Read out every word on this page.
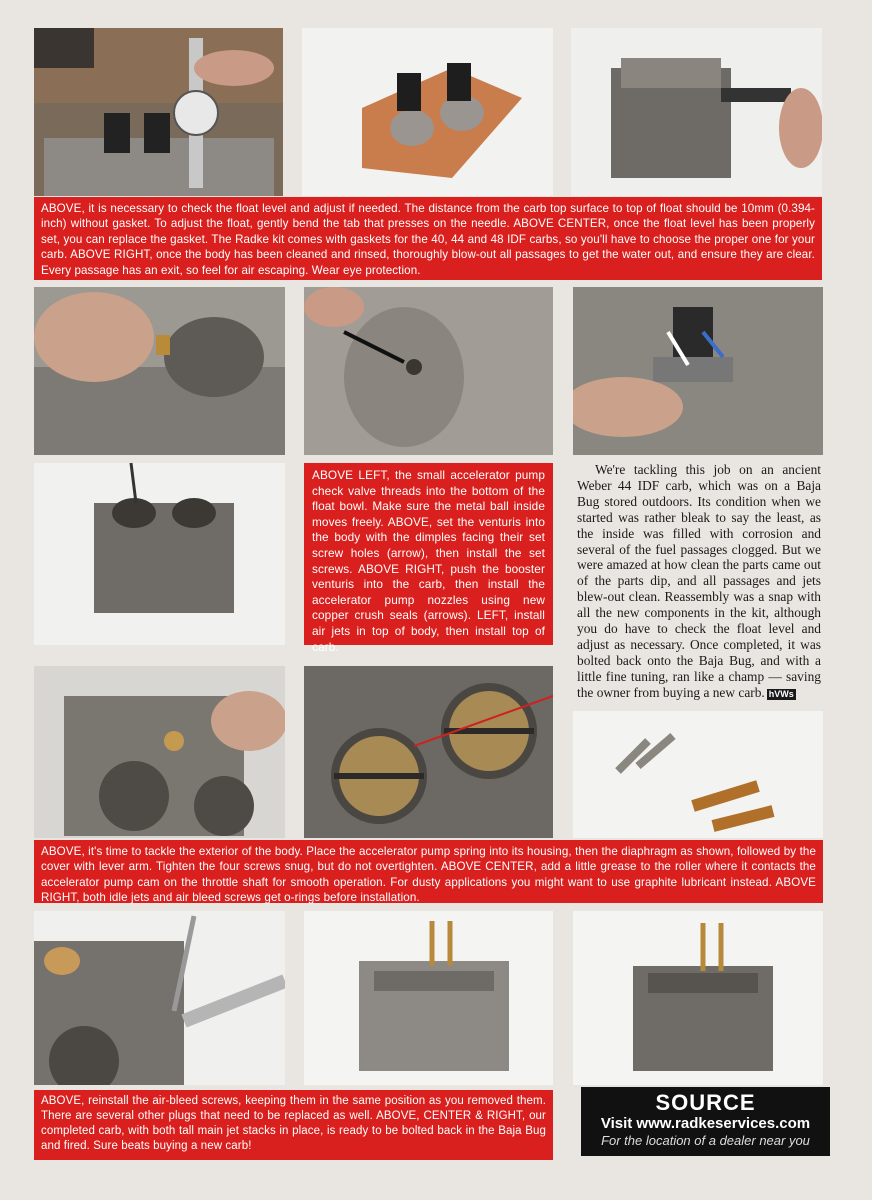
ABOVE, it is necessary to check the float level and adjust if needed. The distance from the carb top surface to top of float should be 10mm (0.394-inch) without gasket. To adjust the float, gently bend the tab that presses on the needle. ABOVE CENTER, once the float level has been properly set, you can replace the gasket. The Radke kit comes with gaskets for the 40, 44 and 48 IDF carbs, so you'll have to choose the proper one for your carb. ABOVE RIGHT, once the body has been cleaned and rinsed, thoroughly blow-out all passages to get the water out, and ensure they are clear. Every passage has an exit, so feel for air escaping. Wear eye protection.
ABOVE LEFT, the small accelerator pump check valve threads into the bottom of the float bowl. Make sure the metal ball inside moves freely. ABOVE, set the venturis into the body with the dimples facing their set screw holes (arrow), then install the set screws. ABOVE RIGHT, push the booster venturis into the carb, then install the accelerator pump nozzles using new copper crush seals (arrows). LEFT, install air jets in top of body, then install top of carb.
We're tackling this job on an ancient Weber 44 IDF carb, which was on a Baja Bug stored outdoors. Its condition when we started was rather bleak to say the least, as the inside was filled with corrosion and several of the fuel passages clogged. But we were amazed at how clean the parts came out of the parts dip, and all passages and jets blew-out clean. Reassembly was a snap with all the new components in the kit, although you do have to check the float level and adjust as necessary. Once completed, it was bolted back onto the Baja Bug, and with a little fine tuning, ran like a champ — saving the owner from buying a new carb. hVWs
ABOVE, it's time to tackle the exterior of the body. Place the accelerator pump spring into its housing, then the diaphragm as shown, followed by the cover with lever arm. Tighten the four screws snug, but do not overtighten. ABOVE CENTER, add a little grease to the roller where it contacts the accelerator pump cam on the throttle shaft for smooth operation. For dusty applications you might want to use graphite lubricant instead. ABOVE RIGHT, both idle jets and air bleed screws get o-rings before installation.
ABOVE, reinstall the air-bleed screws, keeping them in the same position as you removed them. There are several other plugs that need to be replaced as well. ABOVE, CENTER & RIGHT, our completed carb, with both tall main jet stacks in place, is ready to be bolted back in the Baja Bug and fired. Sure beats buying a new carb!
SOURCE
Visit www.radkeservices.com
For the location of a dealer near you
